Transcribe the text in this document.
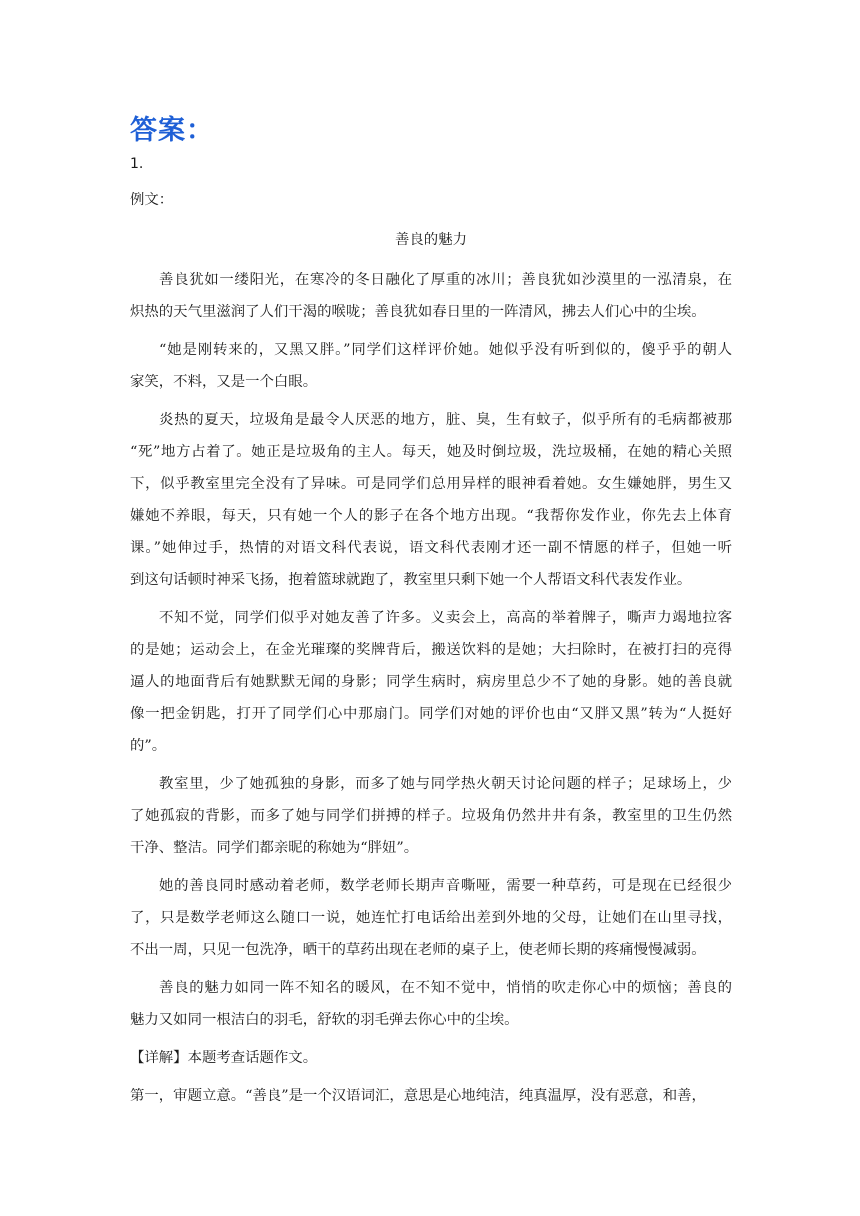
答案：
1.
例文：
善良的魅力
善良犹如一缕阳光，在寒冷的冬日融化了厚重的冰川；善良犹如沙漠里的一泓清泉，在
炽热的天气里滋润了人们干渴的喉咙；善良犹如春日里的一阵清风，拂去人们心中的尘埃。
“她是刚转来的，又黑又胖。”同学们这样评价她。她似乎没有听到似的，傻乎乎的朝人
家笑，不料，又是一个白眼。
炎热的夏天，垃圾角是最令人厌恶的地方，脏、臭，生有蚊子，似乎所有的毛病都被那
“死”地方占着了。她正是垃圾角的主人。每天，她及时倒垃圾，洗垃圾桶，在她的精心关照
下，似乎教室里完全没有了异味。可是同学们总用异样的眼神看着她。女生嫌她胖，男生又
嫌她不养眼，每天，只有她一个人的影子在各个地方出现。“我帮你发作业，你先去上体育
课。”她伸过手，热情的对语文科代表说，语文科代表刚才还一副不情愿的样子，但她一听
到这句话顿时神采飞扬，抱着篮球就跑了，教室里只剩下她一个人帮语文科代表发作业。
不知不觉，同学们似乎对她友善了许多。义卖会上，高高的举着牌子，嘶声力竭地拉客
的是她；运动会上，在金光璀璨的奖牌背后，搬送饮料的是她；大扫除时，在被打扫的亮得
逼人的地面背后有她默默无闻的身影；同学生病时，病房里总少不了她的身影。她的善良就
像一把金钥匙，打开了同学们心中那扇门。同学们对她的评价也由“又胖又黑”转为“人挺好
的”。
教室里，少了她孤独的身影，而多了她与同学热火朝天讨论问题的样子；足球场上，少
了她孤寂的背影，而多了她与同学们拼搏的样子。垃圾角仍然井井有条，教室里的卫生仍然
干净、整洁。同学们都亲昵的称她为“胖妞”。
她的善良同时感动着老师，数学老师长期声音嘶哑，需要一种草药，可是现在已经很少
了，只是数学老师这么随口一说，她连忙打电话给出差到外地的父母，让她们在山里寻找，
不出一周，只见一包洗净，晒干的草药出现在老师的桌子上，使老师长期的疼痛慢慢减弱。
善良的魅力如同一阵不知名的暖风，在不知不觉中，悄悄的吹走你心中的烦恼；善良的
魅力又如同一根洁白的羽毛，舒软的羽毛弹去你心中的尘埃。
【详解】本题考查话题作文。
第一，审题立意。“善良”是一个汉语词汇，意思是心地纯洁，纯真温厚，没有恶意，和善，
